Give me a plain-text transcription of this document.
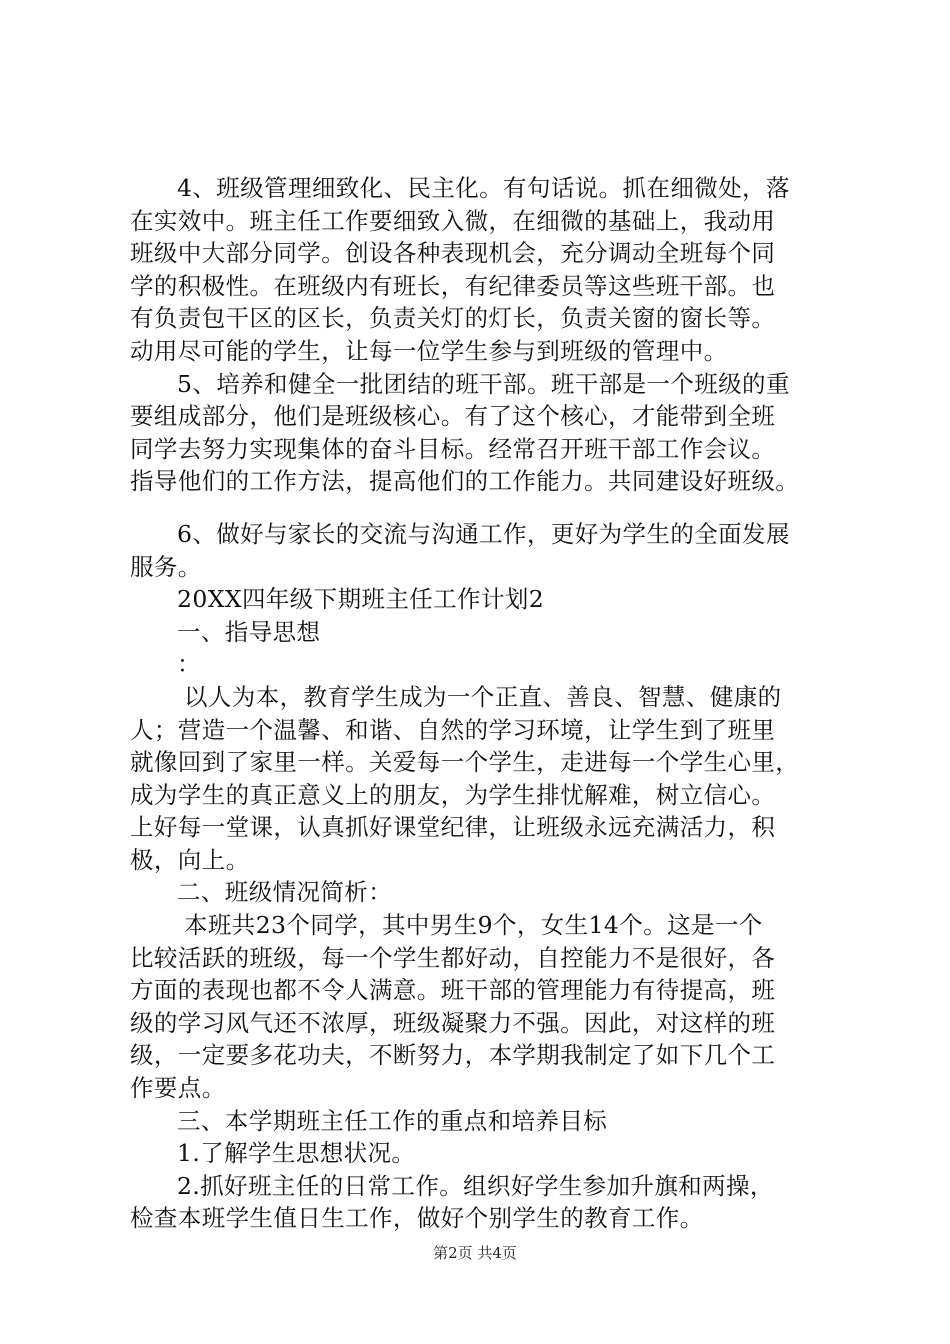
4、班级管理细致化、民主化。有句话说。抓在细微处，落
在实效中。班主任工作要细致入微，在细微的基础上，我动用
班级中大部分同学。创设各种表现机会，充分调动全班每个同
学的积极性。在班级内有班长，有纪律委员等这些班干部。也
有负责包干区的区长，负责关灯的灯长，负责关窗的窗长等。
动用尽可能的学生，让每一位学生参与到班级的管理中。
5、培养和健全一批团结的班干部。班干部是一个班级的重
要组成部分，他们是班级核心。有了这个核心，才能带到全班
同学去努力实现集体的奋斗目标。经常召开班干部工作会议。
指导他们的工作方法，提高他们的工作能力。共同建设好班级。
6、做好与家长的交流与沟通工作，更好为学生的全面发展
服务。
20XX四年级下期班主任工作计划2
一、指导思想
：
以人为本，教育学生成为一个正直、善良、智慧、健康的
人；营造一个温馨、和谐、自然的学习环境，让学生到了班里
就像回到了家里一样。关爱每一个学生，走进每一个学生心里，
成为学生的真正意义上的朋友，为学生排忧解难，树立信心。
上好每一堂课，认真抓好课堂纪律，让班级永远充满活力，积
极，向上。
二、班级情况简析：
本班共23个同学，其中男生9个，女生14个。这是一个
比较活跃的班级，每一个学生都好动，自控能力不是很好，各
方面的表现也都不令人满意。班干部的管理能力有待提高，班
级的学习风气还不浓厚，班级凝聚力不强。因此，对这样的班
级，一定要多花功夫，不断努力，本学期我制定了如下几个工
作要点。
三、本学期班主任工作的重点和培养目标
1.了解学生思想状况。
2.抓好班主任的日常工作。组织好学生参加升旗和两操，
检查本班学生值日生工作，做好个别学生的教育工作。
第2页 共4页
